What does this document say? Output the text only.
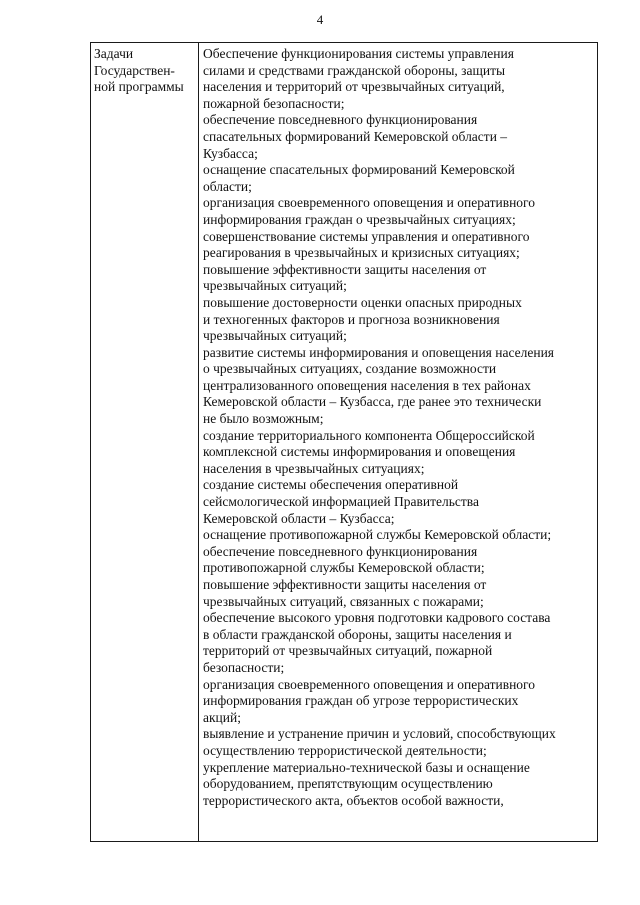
4
Задачи
Государствен-
ной программы
Обеспечение функционирования системы управления
силами и средствами гражданской обороны, защиты
населения и территорий от чрезвычайных ситуаций,
пожарной безопасности;
обеспечение повседневного функционирования
спасательных формирований Кемеровской области –
Кузбасса;
оснащение спасательных формирований Кемеровской
области;
организация своевременного оповещения и оперативного
информирования граждан о чрезвычайных ситуациях;
совершенствование системы управления и оперативного
реагирования в чрезвычайных и кризисных ситуациях;
повышение эффективности защиты населения от
чрезвычайных ситуаций;
повышение достоверности оценки опасных природных
и техногенных факторов и прогноза возникновения
чрезвычайных ситуаций;
развитие системы информирования и оповещения населения
о чрезвычайных ситуациях, создание возможности
централизованного оповещения населения в тех районах
Кемеровской области – Кузбасса, где ранее это технически
не было возможным;
создание территориального компонента Общероссийской
комплексной системы информирования и оповещения
населения в чрезвычайных ситуациях;
создание системы обеспечения оперативной
сейсмологической информацией Правительства
Кемеровской области – Кузбасса;
оснащение противопожарной службы Кемеровской области;
обеспечение повседневного функционирования
противопожарной службы Кемеровской области;
повышение эффективности защиты населения от
чрезвычайных ситуаций, связанных с пожарами;
обеспечение высокого уровня подготовки кадрового состава
в области гражданской обороны, защиты населения и
территорий от чрезвычайных ситуаций, пожарной
безопасности;
организация своевременного оповещения и оперативного
информирования граждан об угрозе террористических
акций;
выявление и устранение причин и условий, способствующих
осуществлению террористической деятельности;
укрепление материально-технической базы и оснащение
оборудованием, препятствующим осуществлению
террористического акта, объектов особой важности,
